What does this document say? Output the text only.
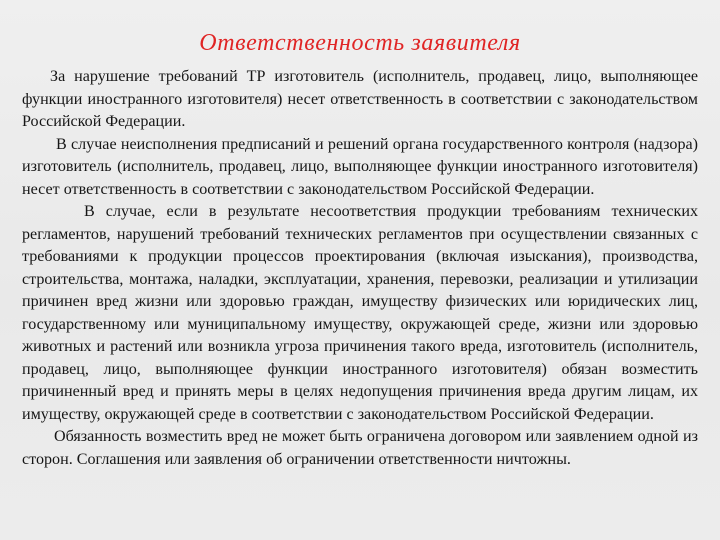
Ответственность заявителя

За нарушение требований ТР изготовитель (исполнитель, продавец, лицо, выполняющее функции иностранного изготовителя) несет ответственность в соответствии с законодательством Российской Федерации.

В случае неисполнения предписаний и решений органа государственного контроля (надзора) изготовитель (исполнитель, продавец, лицо, выполняющее функции иностранного изготовителя) несет ответственность в соответствии с законодательством Российской Федерации.

В случае, если в результате несоответствия продукции требованиям технических регламентов, нарушений требований технических регламентов при осуществлении связанных с требованиями к продукции процессов проектирования (включая изыскания), производства, строительства, монтажа, наладки, эксплуатации, хранения, перевозки, реализации и утилизации причинен вред жизни или здоровью граждан, имуществу физических или юридических лиц, государственному или муниципальному имуществу, окружающей среде, жизни или здоровью животных и растений или возникла угроза причинения такого вреда, изготовитель (исполнитель, продавец, лицо, выполняющее функции иностранного изготовителя) обязан возместить причиненный вред и принять меры в целях недопущения причинения вреда другим лицам, их имуществу, окружающей среде в соответствии с законодательством Российской Федерации.

Обязанность возместить вред не может быть ограничена договором или заявлением одной из сторон. Соглашения или заявления об ограничении ответственности ничтожны.
